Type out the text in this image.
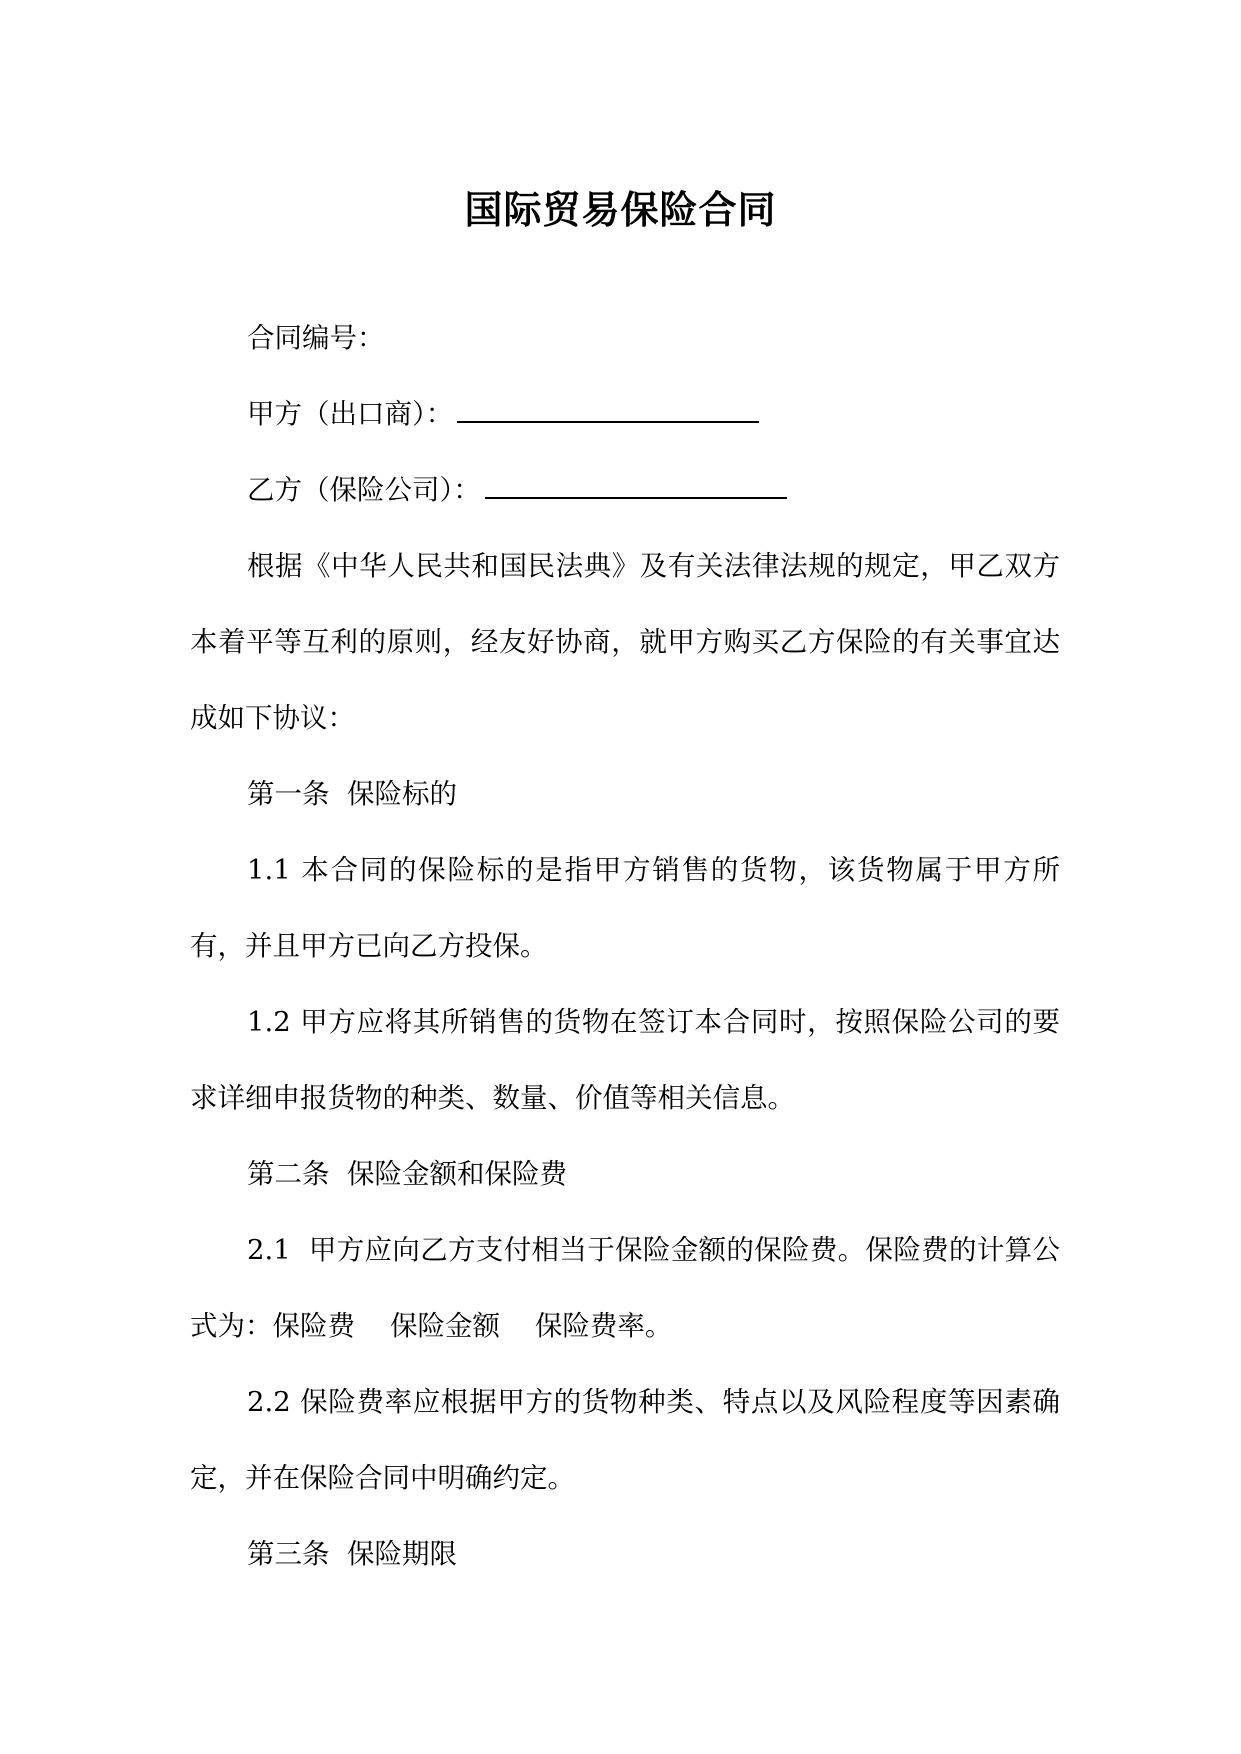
国际贸易保险合同

合同编号：

甲方（出口商）：

乙方（保险公司）：

根据《中华人民共和国民法典》及有关法律法规的规定，甲乙双方本着平等互利的原则，经友好协商，就甲方购买乙方保险的有关事宜达成如下协议：

第一条  保险标的

1.1 本合同的保险标的是指甲方销售的货物，该货物属于甲方所有，并且甲方已向乙方投保。

1.2 甲方应将其所销售的货物在签订本合同时，按照保险公司的要求详细申报货物的种类、数量、价值等相关信息。

第二条  保险金额和保险费

2.1  甲方应向乙方支付相当于保险金额的保险费。保险费的计算公式为：保险费    保险金额    保险费率。

2.2 保险费率应根据甲方的货物种类、特点以及风险程度等因素确定，并在保险合同中明确约定。

第三条  保险期限
